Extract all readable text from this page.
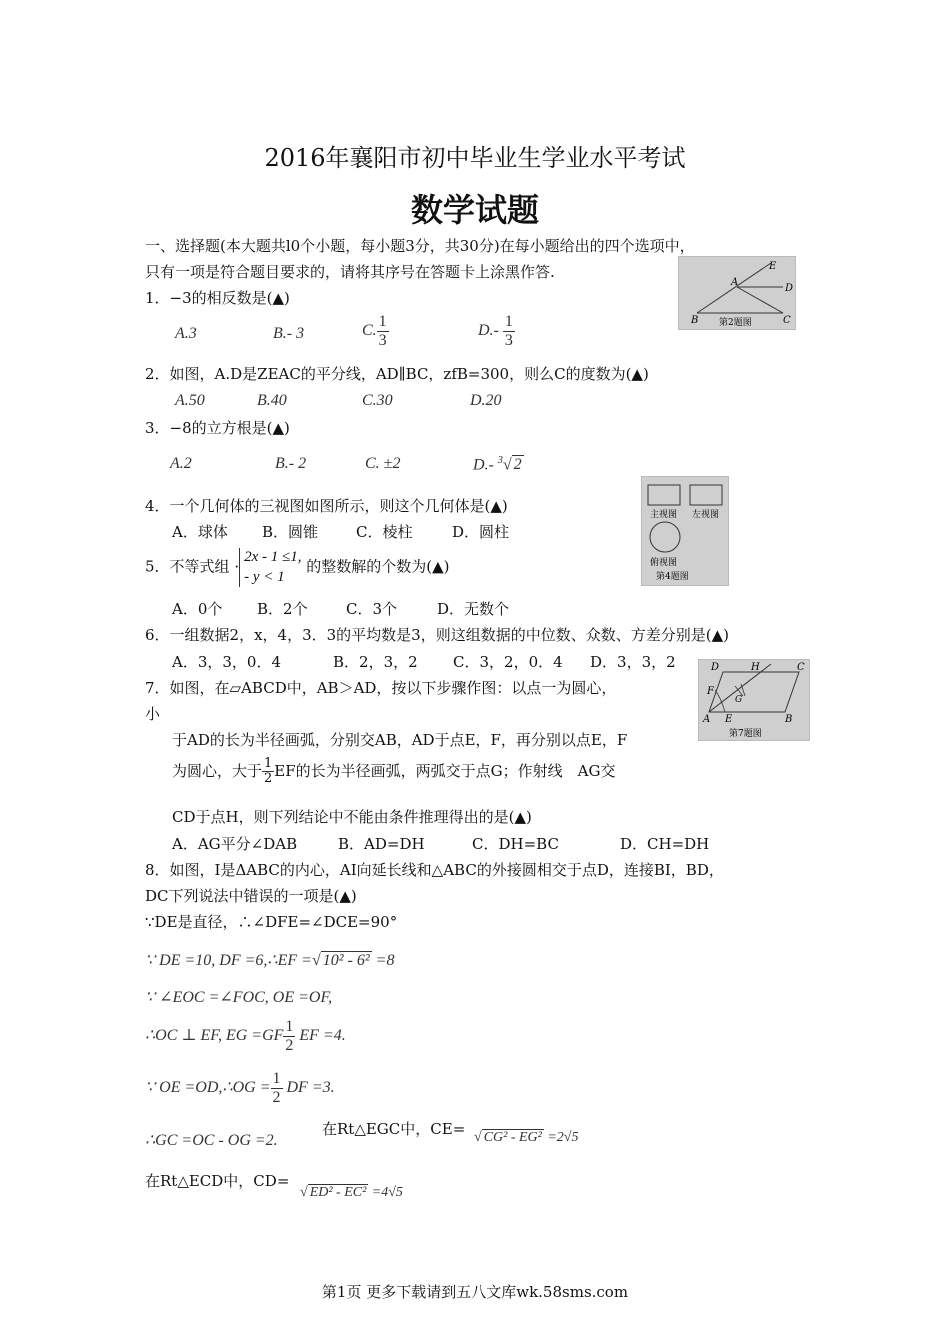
2016年襄阳市初中毕业生学业水平考试
数学试题
一、选择题(本大题共l0个小题，每小题3分，共30分)在每小题给出的四个选项中，
只有一项是符合题目要求的，请将其序号在答题卡上涂黑作答.	E
A
D
B	C
第2题图
1．−3的相反数是(▲)
A.3	B.- 3	C. $\frac{1}{3}$	$D.- \frac{1}{3}$
2．如图，A.D是ZEAC的平分线，AD∥BC，zfB=300，则么C的度数为(▲)
A.50	B.40	C.30	D.20
3．−8的立方根是(▲)
A.2	B.- 2	C. ±2	D.- $^3$√ 2
主视图 左视图
俯视图
第4题图
4．一个几何体的三视图如图所示，则这个几何体是(▲)
A．球体 B．圆锥	C．棱柱	D．圆柱
5．不等式组 ·
2x - 1 ≤1,
- y < 1
的整数解的个数为(▲)
A．0个 B．2个	C．3个	D．无数个
6．一组数据2，x，4，3．3的平均数是3，则这组数据的中位数、众数、方差分别是(▲)
A．3，3，0．4	B．2，3，2 C．3，2，0．4 D．3，3，2	D	H	C
F
G
A E	B
第7题图
7．如图，在▱ABCD中，AB＞AD，按以下步骤作图：以点一为圆心，
小
于AD的长为半径画弧，分别交AB，AD于点E，F，再分别以点E，F
为圆心，大于 $\frac{1}{2}$ EF的长为半径画弧，两弧交于点G；作射线　AG交
CD于点H，则下列结论中不能由条件推理得出的是(▲)
A．AG平分∠DAB	B．AD=DH	C．DH=BC	D．CH=DH
8．如图，I是ΔABC的内心，AI向延长线和△ABC的外接圆相交于点D，连接BI，BD，
DC下列说法中错误的一项是(▲)
∵DE是直径，∴∠DFE=∠DCE=90°
∵ DE =10, DF =6,∴EF =√ 10² - 6² =8
∵ ∠EOC =∠FOC, OE =OF,
∴OC ⊥ EF, EG $=GF \frac{1}{2}$ EF =4.
∵ OE =OD,∴OG = $\frac{1}{2}$ DF =3.
∴GC =OC - OG =2.
在Rt△EGC中，CE= √ CG² - EG² =2√5
在Rt△ECD中，CD=
√ ED² - EC² =4√5
第1页 更多下载请到五八文库wk.58sms.com
